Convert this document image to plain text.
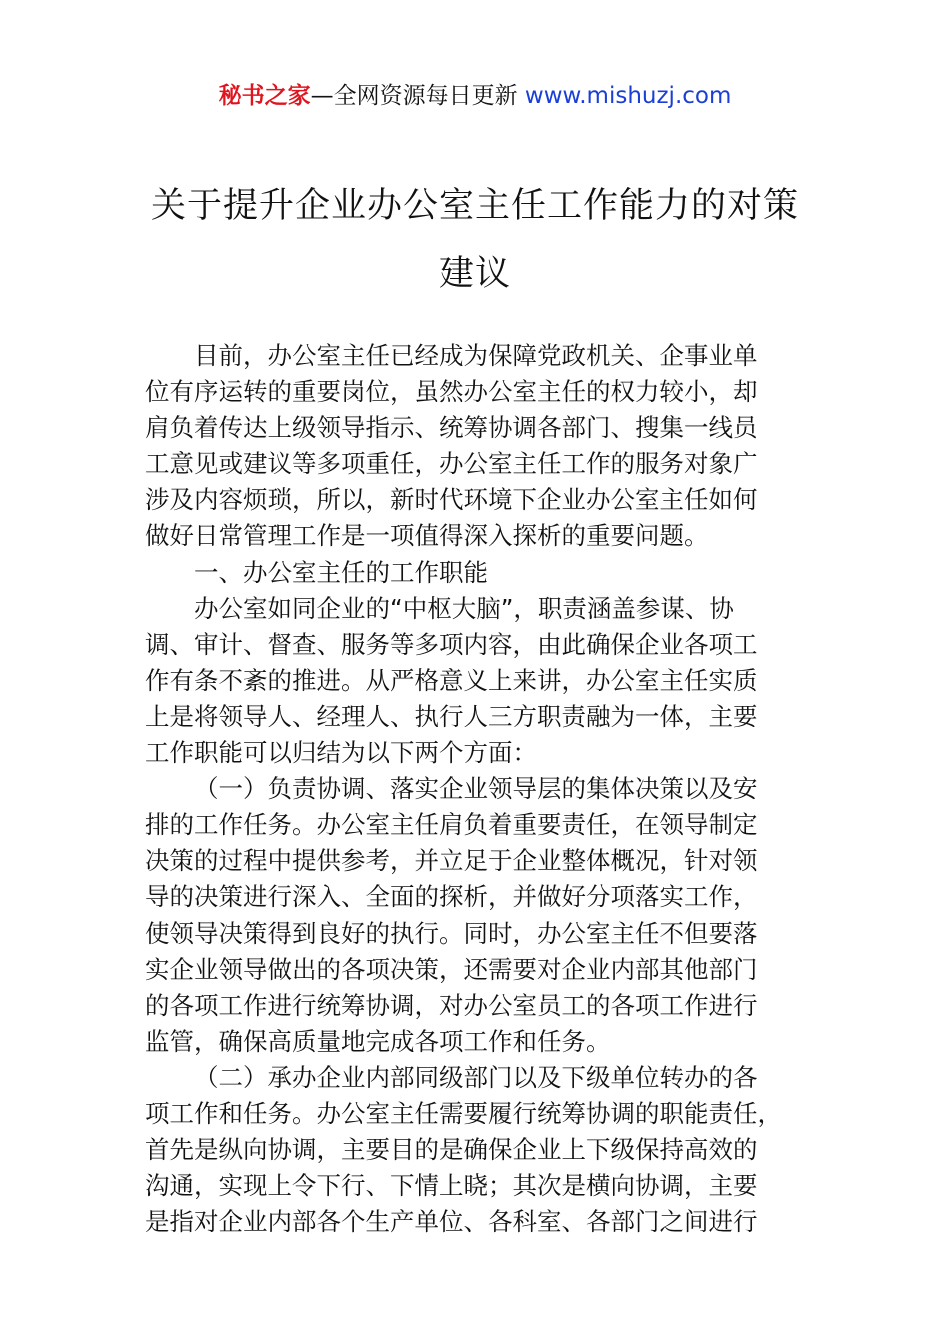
秘书之家—全网资源每日更新 www.mishuzj.com
关于提升企业办公室主任工作能力的对策
建议
目前，办公室主任已经成为保障党政机关、企事业单
位有序运转的重要岗位，虽然办公室主任的权力较小，却
肩负着传达上级领导指示、统筹协调各部门、搜集一线员
工意见或建议等多项重任，办公室主任工作的服务对象广
涉及内容烦琐，所以，新时代环境下企业办公室主任如何
做好日常管理工作是一项值得深入探析的重要问题。
一、办公室主任的工作职能
办公室如同企业的“中枢大脑”，职责涵盖参谋、协
调、审计、督查、服务等多项内容，由此确保企业各项工
作有条不紊的推进。从严格意义上来讲，办公室主任实质
上是将领导人、经理人、执行人三方职责融为一体，主要
工作职能可以归结为以下两个方面：
（一）负责协调、落实企业领导层的集体决策以及安
排的工作任务。办公室主任肩负着重要责任，在领导制定
决策的过程中提供参考，并立足于企业整体概况，针对领
导的决策进行深入、全面的探析，并做好分项落实工作，
使领导决策得到良好的执行。同时，办公室主任不但要落
实企业领导做出的各项决策，还需要对企业内部其他部门
的各项工作进行统筹协调，对办公室员工的各项工作进行
监管，确保高质量地完成各项工作和任务。
（二）承办企业内部同级部门以及下级单位转办的各
项工作和任务。办公室主任需要履行统筹协调的职能责任，
首先是纵向协调，主要目的是确保企业上下级保持高效的
沟通，实现上令下行、下情上晓；其次是横向协调，主要
是指对企业内部各个生产单位、各科室、各部门之间进行
